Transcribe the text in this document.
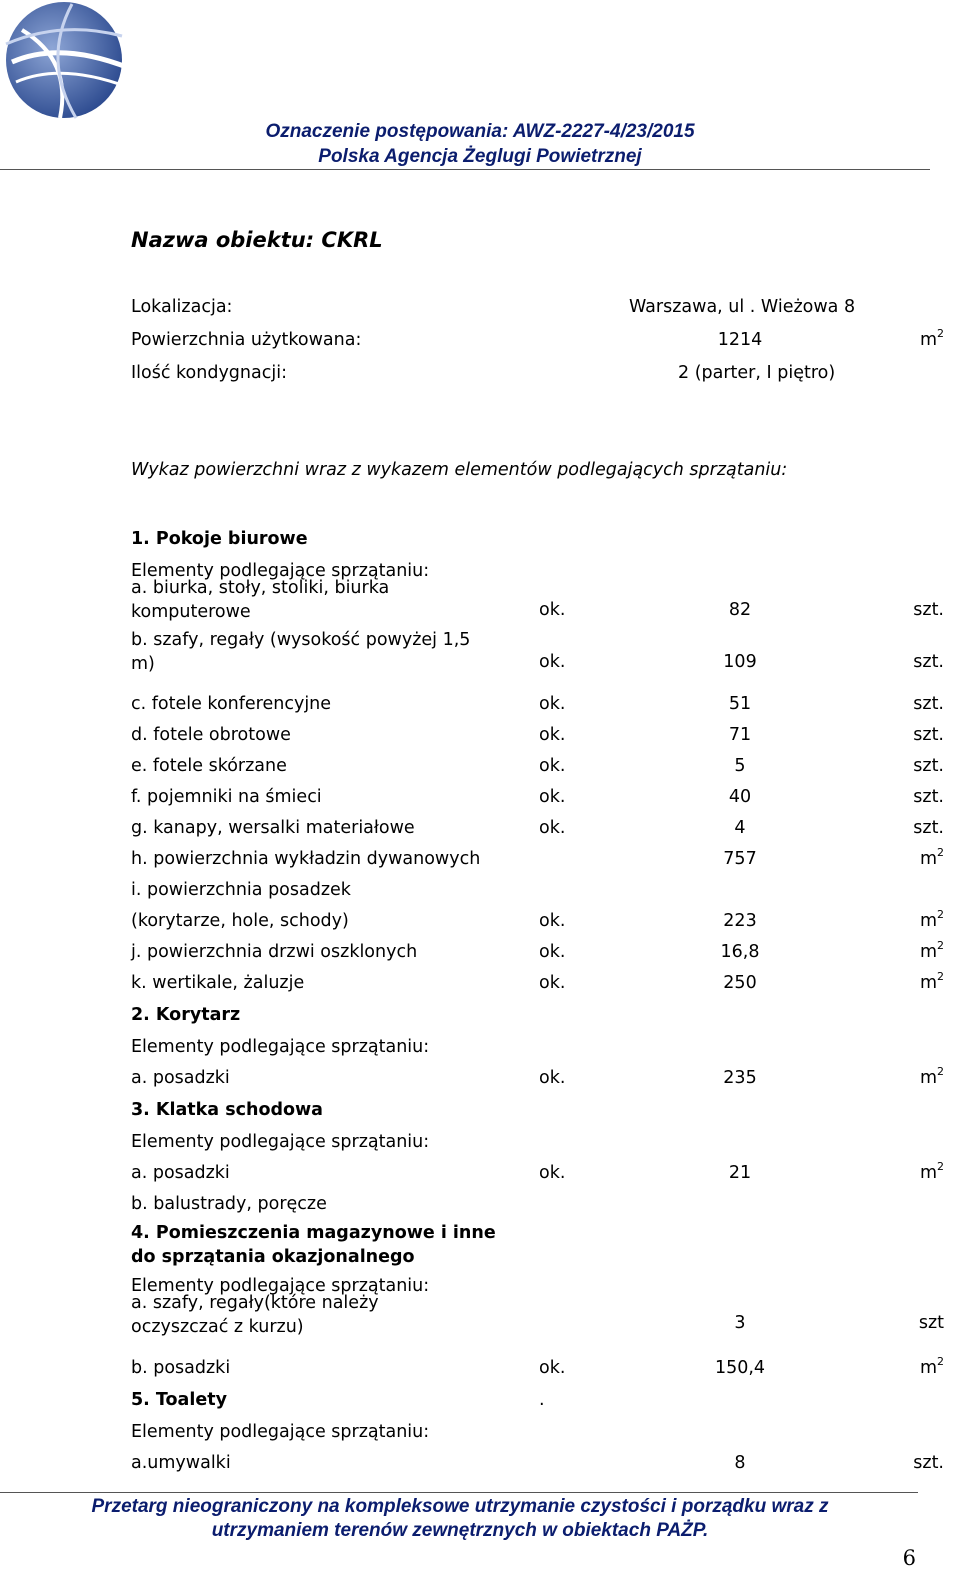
Oznaczenie postępowania: AWZ-2227-4/23/2015
Polska Agencja Żeglugi Powietrznej
Nazwa obiektu: CKRL
Lokalizacja:	Warszawa, ul . Wieżowa 8
Powierzchnia użytkowana:	1214	$m^2$
Ilość kondygnacji:	2 (parter, I piętro)
Wykaz powierzchni wraz z wykazem elementów podlegających sprzątaniu:
1. Pokoje biurowe
Elementy podlegające sprzątaniu:
a. biurka, stoły, stoliki, biurka komputerowe	ok.	82	szt.
b. szafy, regały (wysokość powyżej 1,5 m)	ok.	109	szt.
c. fotele konferencyjne	ok.	51	szt.
d. fotele obrotowe	ok.	71	szt.
e. fotele skórzane	ok.	5	szt.
f. pojemniki na śmieci	ok.	40	szt.
g. kanapy, wersalki materiałowe	ok.	4	szt.
h. powierzchnia wykładzin dywanowych	757	$m^2$
i. powierzchnia posadzek
(korytarze, hole, schody)	ok.	223	$m^2$
j. powierzchnia drzwi oszklonych	ok.	16,8	$m^2$
k. wertikale, żaluzje	ok.	250	$m^2$
2. Korytarz
Elementy podlegające sprzątaniu:
a. posadzki	ok.	235	$m^2$
3. Klatka schodowa
Elementy podlegające sprzątaniu:
a. posadzki	ok.	21	$m^2$
b. balustrady, poręcze
4. Pomieszczenia magazynowe i inne do sprzątania okazjonalnego
Elementy podlegające sprzątaniu:
a. szafy, regały(które należy oczyszczać z kurzu)	3	szt
b. posadzki	ok.	150,4	$m^2$
5. Toalety	.
Elementy podlegające sprzątaniu:
a.umywalki	8	szt.
Przetarg nieograniczony na kompleksowe utrzymanie czystości i porządku wraz z
utrzymaniem terenów zewnętrznych w obiektach PAŻP.
6
